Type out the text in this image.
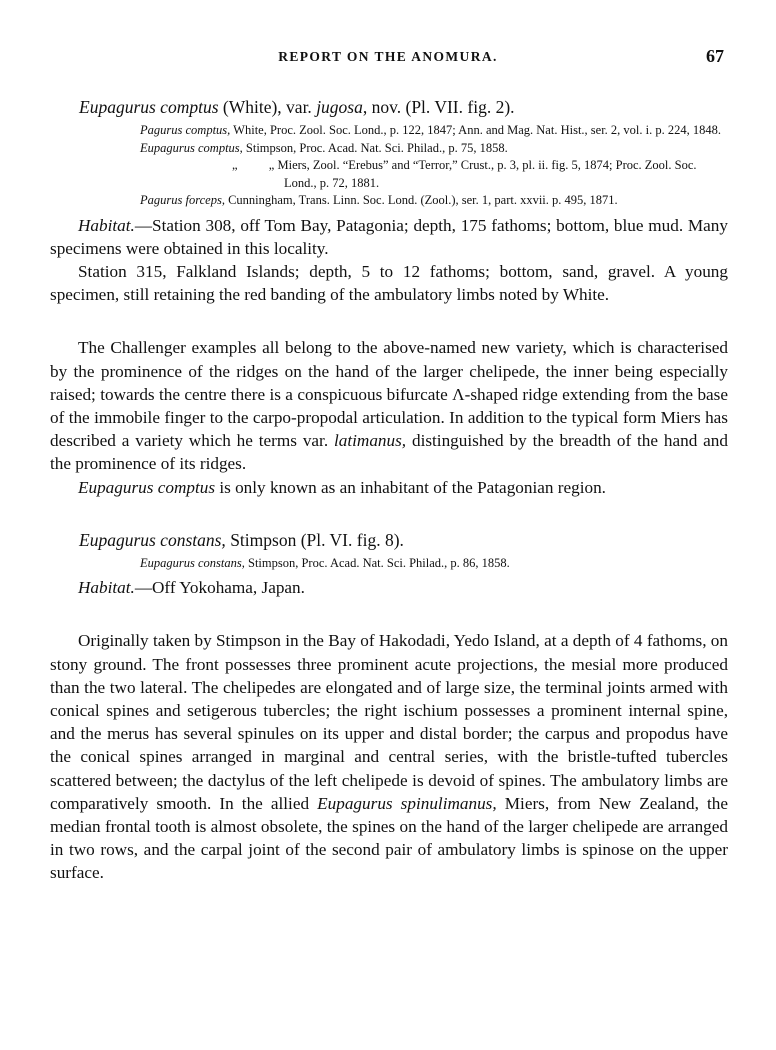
REPORT ON THE ANOMURA.	67
Eupagurus comptus (White), var. jugosa, nov. (Pl. VII. fig. 2).
Pagurus comptus, White, Proc. Zool. Soc. Lond., p. 122, 1847; Ann. and Mag. Nat. Hist., ser. 2, vol. i. p. 224, 1848.
Eupagurus comptus, Stimpson, Proc. Acad. Nat. Sci. Philad., p. 75, 1858.
„          „ Miers, Zool. “Erebus” and “Terror,” Crust., p. 3, pl. ii. fig. 5, 1874; Proc. Zool. Soc. Lond., p. 72, 1881.
Pagurus forceps, Cunningham, Trans. Linn. Soc. Lond. (Zool.), ser. 1, part. xxvii. p. 495, 1871.
Habitat.—Station 308, off Tom Bay, Patagonia; depth, 175 fathoms; bottom, blue mud. Many specimens were obtained in this locality.
Station 315, Falkland Islands; depth, 5 to 12 fathoms; bottom, sand, gravel. A young specimen, still retaining the red banding of the ambulatory limbs noted by White.
The Challenger examples all belong to the above-named new variety, which is characterised by the prominence of the ridges on the hand of the larger chelipede, the inner being especially raised; towards the centre there is a conspicuous bifurcate Λ-shaped ridge extending from the base of the immobile finger to the carpo-propodal articulation. In addition to the typical form Miers has described a variety which he terms var. latimanus, distinguished by the breadth of the hand and the prominence of its ridges.
Eupagurus comptus is only known as an inhabitant of the Patagonian region.
Eupagurus constans, Stimpson (Pl. VI. fig. 8).
Eupagurus constans, Stimpson, Proc. Acad. Nat. Sci. Philad., p. 86, 1858.
Habitat.—Off Yokohama, Japan.
Originally taken by Stimpson in the Bay of Hakodadi, Yedo Island, at a depth of 4 fathoms, on stony ground. The front possesses three prominent acute projections, the mesial more produced than the two lateral. The chelipedes are elongated and of large size, the terminal joints armed with conical spines and setigerous tubercles; the right ischium possesses a prominent internal spine, and the merus has several spinules on its upper and distal border; the carpus and propodus have the conical spines arranged in marginal and central series, with the bristle-tufted tubercles scattered between; the dactylus of the left chelipede is devoid of spines. The ambulatory limbs are comparatively smooth. In the allied Eupagurus spinulimanus, Miers, from New Zealand, the median frontal tooth is almost obsolete, the spines on the hand of the larger chelipede are arranged in two rows, and the carpal joint of the second pair of ambulatory limbs is spinose on the upper surface.
